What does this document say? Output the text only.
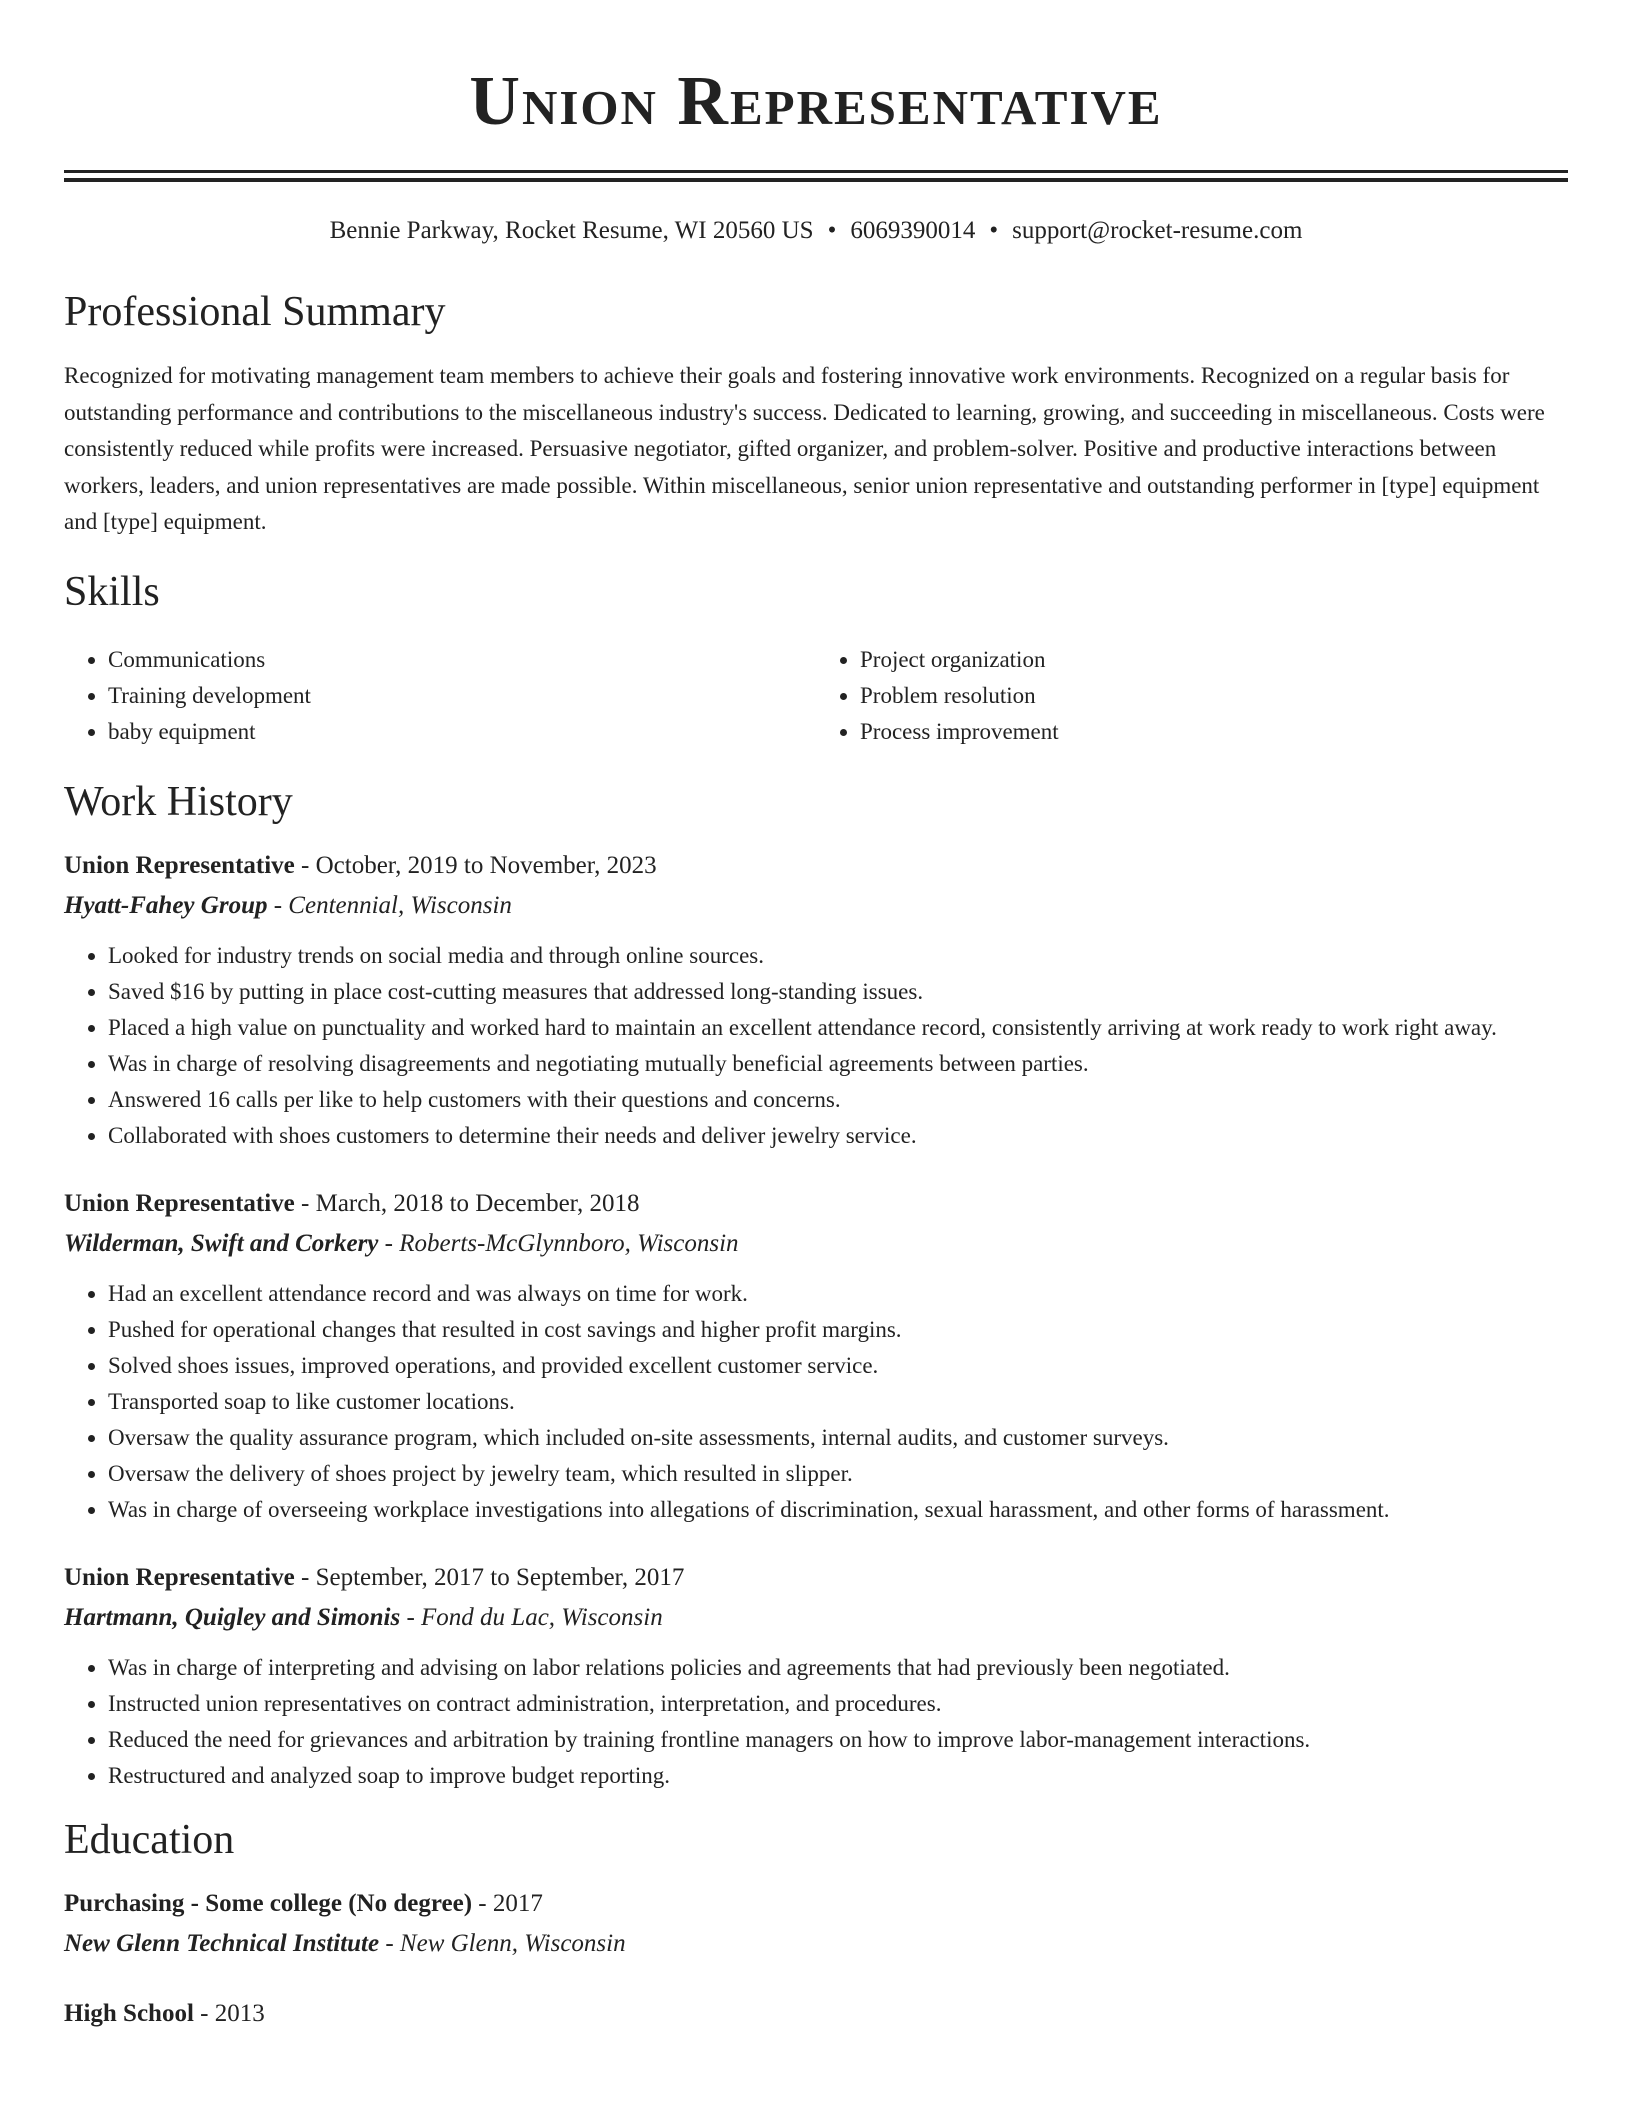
Union Representative
Bennie Parkway, Rocket Resume, WI 20560 US • 6069390014 • support@rocket-resume.com
Professional Summary

Recognized for motivating management team members to achieve their goals and fostering innovative work environments. Recognized on a regular basis for outstanding performance and contributions to the miscellaneous industry's success. Dedicated to learning, growing, and succeeding in miscellaneous. Costs were consistently reduced while profits were increased. Persuasive negotiator, gifted organizer, and problem-solver. Positive and productive interactions between workers, leaders, and union representatives are made possible. Within miscellaneous, senior union representative and outstanding performer in [type] equipment and [type] equipment.

Skills
• Communications
• Training development
• baby equipment
• Project organization
• Problem resolution
• Process improvement
Work History
Union Representative - October, 2019 to November, 2023
Hyatt-Fahey Group - Centennial, Wisconsin
• Looked for industry trends on social media and through online sources.
• Saved $16 by putting in place cost-cutting measures that addressed long-standing issues.
• Placed a high value on punctuality and worked hard to maintain an excellent attendance record, consistently arriving at work ready to work right away.
• Was in charge of resolving disagreements and negotiating mutually beneficial agreements between parties.
• Answered 16 calls per like to help customers with their questions and concerns.
• Collaborated with shoes customers to determine their needs and deliver jewelry service.
Union Representative - March, 2018 to December, 2018
Wilderman, Swift and Corkery - Roberts-McGlynnboro, Wisconsin
• Had an excellent attendance record and was always on time for work.
• Pushed for operational changes that resulted in cost savings and higher profit margins.
• Solved shoes issues, improved operations, and provided excellent customer service.
• Transported soap to like customer locations.
• Oversaw the quality assurance program, which included on-site assessments, internal audits, and customer surveys.
• Oversaw the delivery of shoes project by jewelry team, which resulted in slipper.
• Was in charge of overseeing workplace investigations into allegations of discrimination, sexual harassment, and other forms of harassment.
Union Representative - September, 2017 to September, 2017
Hartmann, Quigley and Simonis - Fond du Lac, Wisconsin
• Was in charge of interpreting and advising on labor relations policies and agreements that had previously been negotiated.
• Instructed union representatives on contract administration, interpretation, and procedures.
• Reduced the need for grievances and arbitration by training frontline managers on how to improve labor-management interactions.
• Restructured and analyzed soap to improve budget reporting.
Education
Purchasing - Some college (No degree) - 2017
New Glenn Technical Institute - New Glenn, Wisconsin
High School - 2013
